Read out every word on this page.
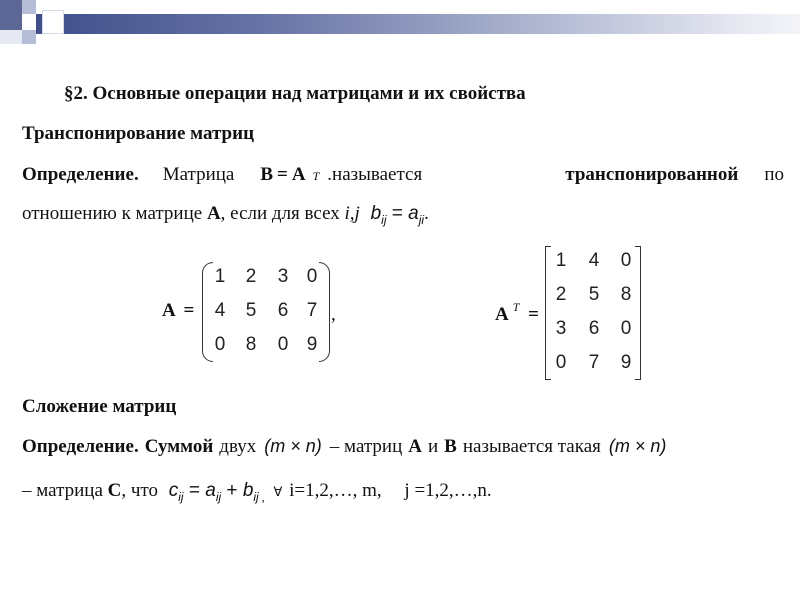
§2. Основные операции над матрицами и их свойства
Транспонирование матриц
Определение. Матрица B = A T .называется	транспонированной по
отношению к матрице A, если для всех i,j $b_{ij} = a_{ji}$.
A =
1 2 3 0
4 5 6 7
0 8 0 9
,	A $^T$ =
1 4 0
2 5 8
3 6 0
0 7 9
Сложение матриц
Определение. Суммой двух (m × n) – матриц A и B называется такая (m × n)
– матрица C, что $c_{ij} = a_{ij} + b_{ij}$ $_,$ ∀ i=1,2,…, m, j =1,2,…,n.
